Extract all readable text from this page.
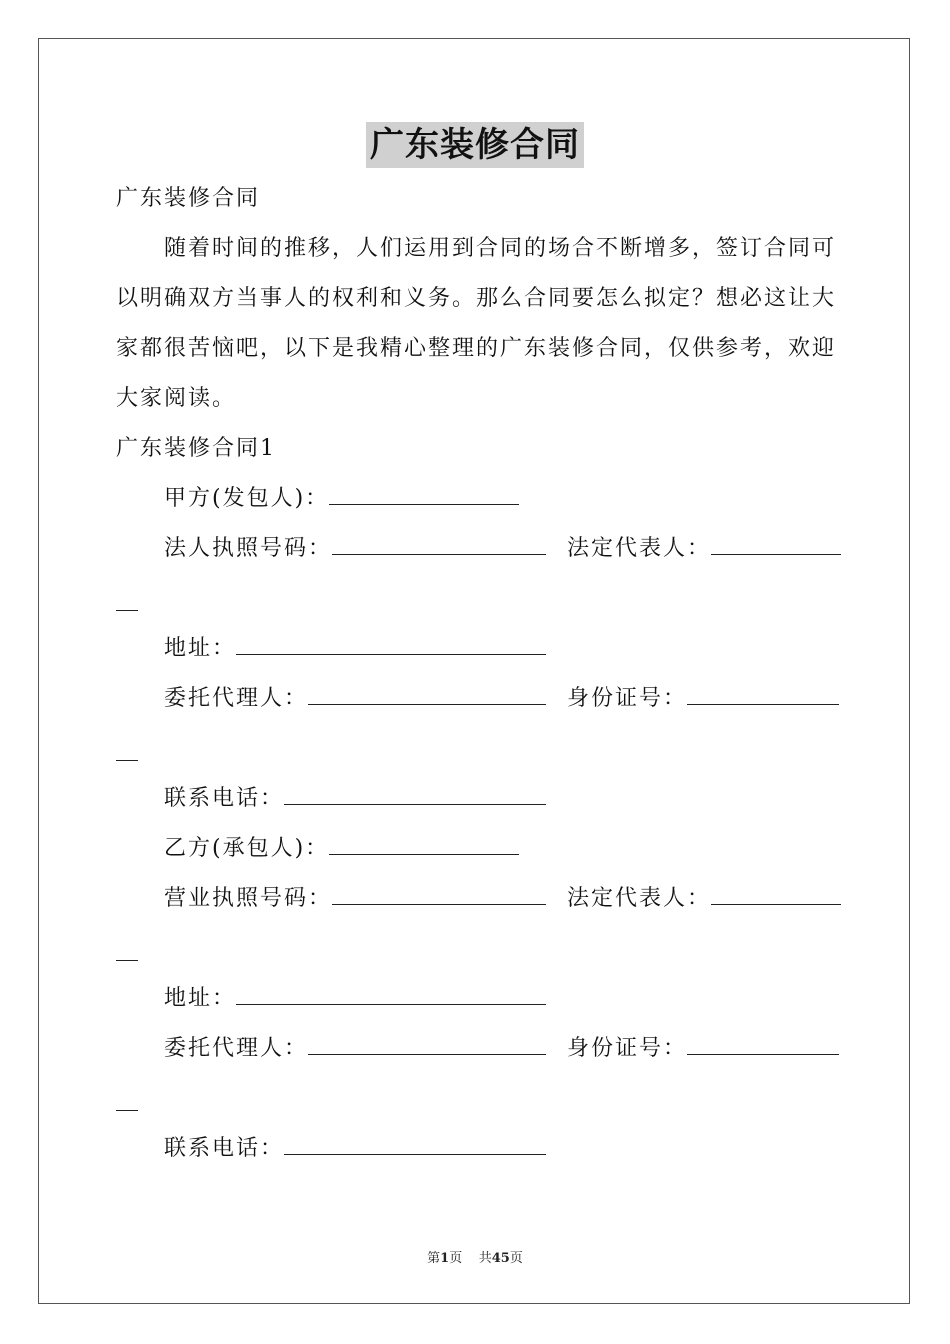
广东装修合同
广东装修合同
随着时间的推移，人们运用到合同的场合不断增多，签订合同可
以明确双方当事人的权利和义务。那么合同要怎么拟定？想必这让大
家都很苦恼吧，以下是我精心整理的广东装修合同，仅供参考，欢迎
大家阅读。
广东装修合同1
甲方(发包人)：
法人执照号码：	法定代表人：
地址：
委托代理人：	身份证号：
联系电话：
乙方(承包人)：
营业执照号码：	法定代表人：
地址：
委托代理人：	身份证号：
联系电话：
第1页 共45页
